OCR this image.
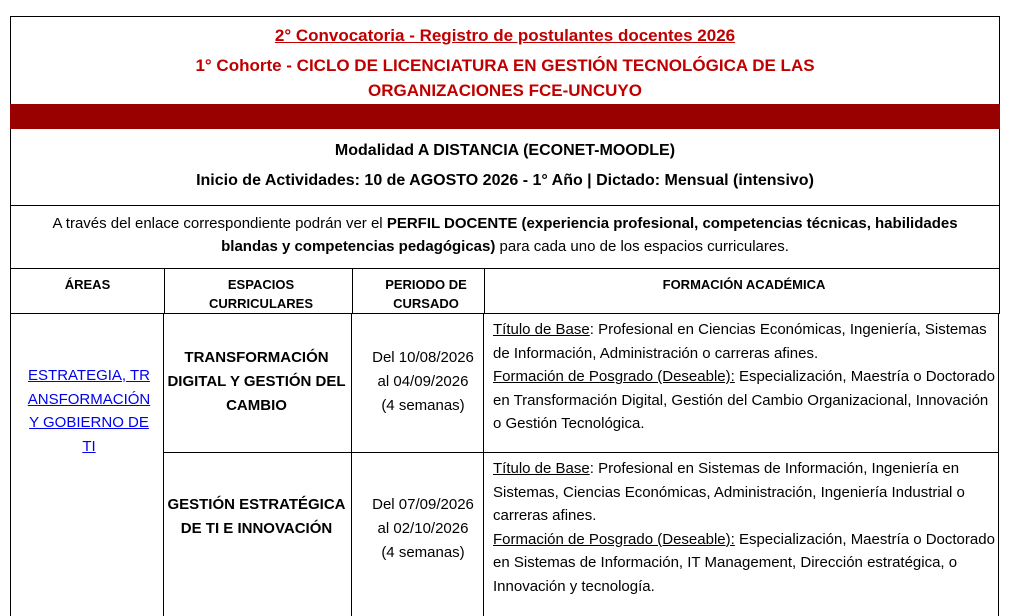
2° Convocatoria - Registro de postulantes docentes 2026
1° Cohorte - CICLO DE LICENCIATURA EN GESTIÓN TECNOLÓGICA DE LAS
ORGANIZACIONES FCE-UNCUYO
Modalidad A DISTANCIA (ECONET-MOODLE)
Inicio de Actividades: 10 de AGOSTO 2026 - 1° Año | Dictado: Mensual (intensivo)
A través del enlace correspondiente podrán ver el PERFIL DOCENTE (experiencia profesional, competencias técnicas, habilidades blandas y competencias pedagógicas) para cada uno de los espacios curriculares.
ÁREAS	ESPACIOS CURRICULARES
PERIODO DE CURSADO
FORMACIÓN ACADÉMICA
ESTRATEGIA, TRANSFORMACIÓN Y GOBIERNO DE TI
TRANSFORMACIÓN DIGITAL Y GESTIÓN DEL CAMBIO
Del 10/08/2026
al 04/09/2026
(4 semanas)
Título de Base: Profesional en Ciencias Económicas, Ingeniería, Sistemas de Información, Administración o carreras afines.
Formación de Posgrado (Deseable): Especialización, Maestría o Doctorado en Transformación Digital, Gestión del Cambio Organizacional, Innovación o Gestión Tecnológica.
GESTIÓN ESTRATÉGICA DE TI E INNOVACIÓN
Del 07/09/2026
al 02/10/2026
(4 semanas)
Título de Base: Profesional en Sistemas de Información, Ingeniería en Sistemas, Ciencias Económicas, Administración, Ingeniería Industrial o carreras afines.
Formación de Posgrado (Deseable): Especialización, Maestría o Doctorado en Sistemas de Información, IT Management, Dirección estratégica, o Innovación y tecnología.
